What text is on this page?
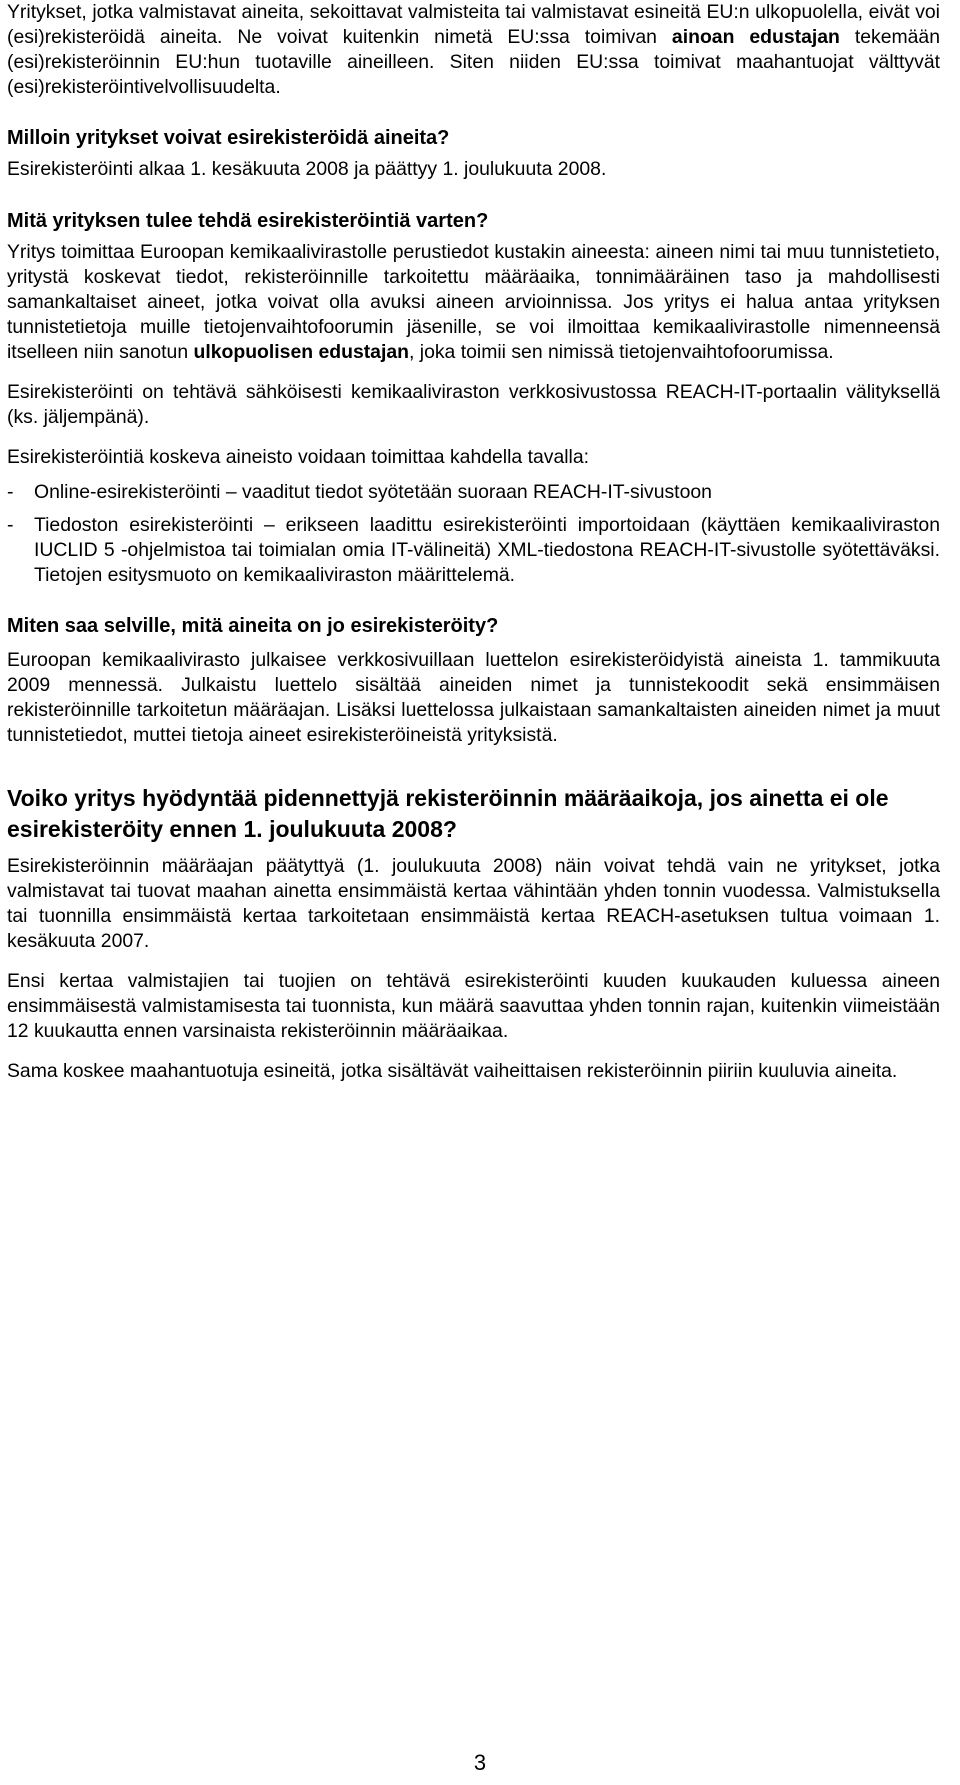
Yritykset, jotka valmistavat aineita, sekoittavat valmisteita tai valmistavat esineitä EU:n ulkopuolella, eivät voi (esi)rekisteröidä aineita. Ne voivat kuitenkin nimetä EU:ssa toimivan ainoan edustajan tekemään (esi)rekisteröinnin EU:hun tuotaville aineilleen. Siten niiden EU:ssa toimivat maahantuojat välttyvät (esi)rekisteröintivelvollisuudelta.

Milloin yritykset voivat esirekisteröidä aineita?

Esirekisteröinti alkaa 1. kesäkuuta 2008 ja päättyy 1. joulukuuta 2008.

Mitä yrityksen tulee tehdä esirekisteröintiä varten?

Yritys toimittaa Euroopan kemikaalivirastolle perustiedot kustakin aineesta: aineen nimi tai muu tunnistetieto, yritystä koskevat tiedot, rekisteröinnille tarkoitettu määräaika, tonnimääräinen taso ja mahdollisesti samankaltaiset aineet, jotka voivat olla avuksi aineen arvioinnissa. Jos yritys ei halua antaa yrityksen tunnistetietoja muille tietojenvaihtofoorumin jäsenille, se voi ilmoittaa kemikaalivirastolle nimenneensä itselleen niin sanotun ulkopuolisen edustajan, joka toimii sen nimissä tietojenvaihtofoorumissa.

Esirekisteröinti on tehtävä sähköisesti kemikaaliviraston verkkosivustossa REACH-IT-portaalin välityksellä (ks. jäljempänä).

Esirekisteröintiä koskeva aineisto voidaan toimittaa kahdella tavalla:

- Online-esirekisteröinti – vaaditut tiedot syötetään suoraan REACH-IT-sivustoon
- Tiedoston esirekisteröinti – erikseen laadittu esirekisteröinti importoidaan (käyttäen kemikaaliviraston IUCLID 5 -ohjelmistoa tai toimialan omia IT-välineitä) XML-tiedostona REACH-IT-sivustolle syötettäväksi. Tietojen esitysmuoto on kemikaaliviraston määrittelemä.
Miten saa selville, mitä aineita on jo esirekisteröity?

Euroopan kemikaalivirasto julkaisee verkkosivuillaan luettelon esirekisteröidyistä aineista 1. tammikuuta 2009 mennessä. Julkaistu luettelo sisältää aineiden nimet ja tunnistekoodit sekä ensimmäisen rekisteröinnille tarkoitetun määräajan. Lisäksi luettelossa julkaistaan samankaltaisten aineiden nimet ja muut tunnistetiedot, muttei tietoja aineet esirekisteröineistä yrityksistä.

Voiko yritys hyödyntää pidennettyjä rekisteröinnin määräaikoja, jos ainetta ei ole esirekisteröity ennen 1. joulukuuta 2008?

Esirekisteröinnin määräajan päätyttyä (1. joulukuuta 2008) näin voivat tehdä vain ne yritykset, jotka valmistavat tai tuovat maahan ainetta ensimmäistä kertaa vähintään yhden tonnin vuodessa. Valmistuksella tai tuonnilla ensimmäistä kertaa tarkoitetaan ensimmäistä kertaa REACH-asetuksen tultua voimaan 1. kesäkuuta 2007.

Ensi kertaa valmistajien tai tuojien on tehtävä esirekisteröinti kuuden kuukauden kuluessa aineen ensimmäisestä valmistamisesta tai tuonnista, kun määrä saavuttaa yhden tonnin rajan, kuitenkin viimeistään 12 kuukautta ennen varsinaista rekisteröinnin määräaikaa.

Sama koskee maahantuotuja esineitä, jotka sisältävät vaiheittaisen rekisteröinnin piiriin kuuluvia aineita.

3
